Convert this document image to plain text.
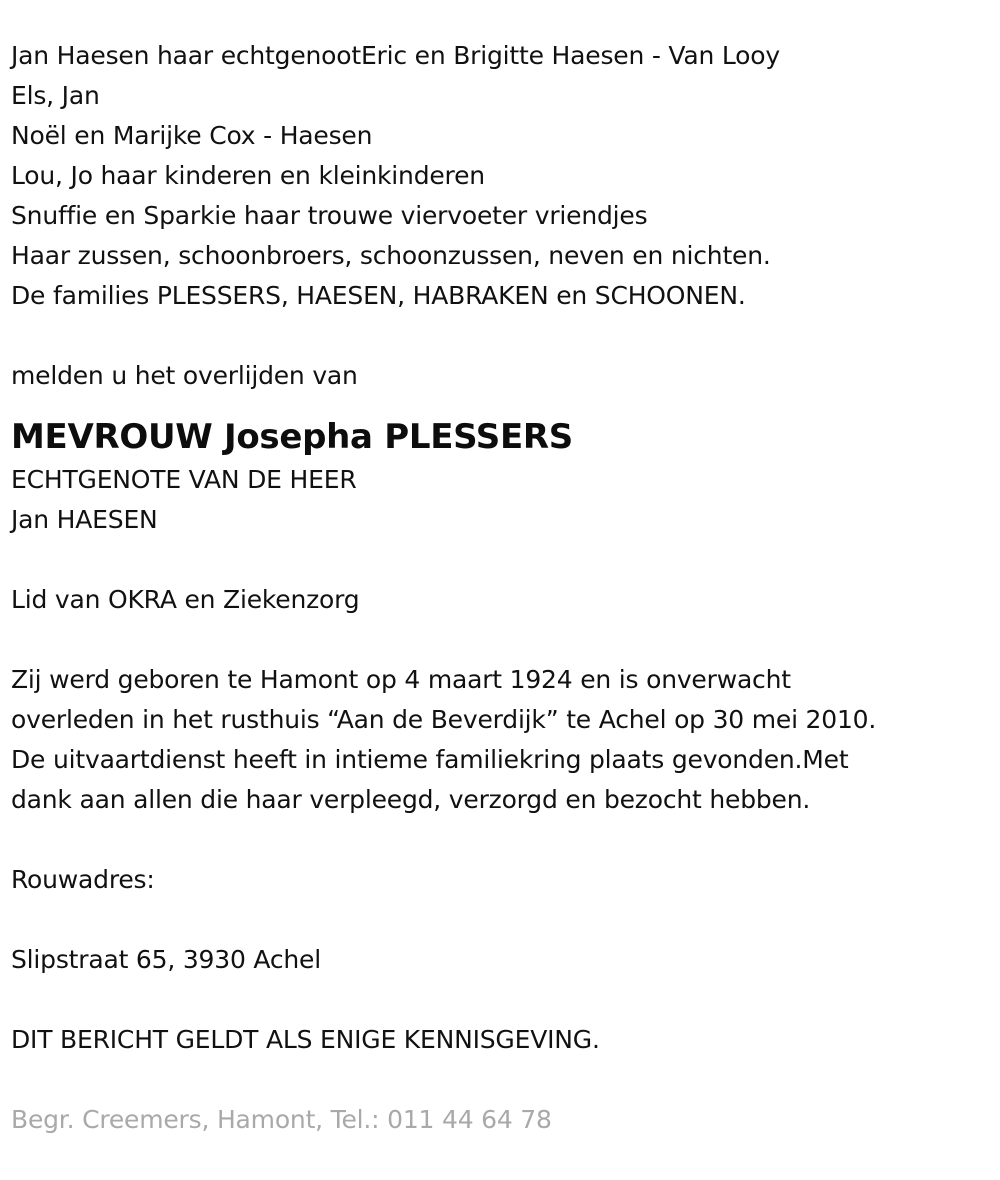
Jan Haesen haar echtgenootEric en Brigitte Haesen - Van Looy
Els, Jan
Noël en Marijke Cox - Haesen
Lou, Jo haar kinderen en kleinkinderen
Snuffie en Sparkie haar trouwe viervoeter vriendjes
Haar zussen, schoonbroers, schoonzussen, neven en nichten.
De families PLESSERS, HAESEN, HABRAKEN en SCHOONEN.
melden u het overlijden van
MEVROUW Josepha PLESSERS
ECHTGENOTE VAN DE HEER
Jan HAESEN
Lid van OKRA en Ziekenzorg
Zij werd geboren te Hamont op 4 maart 1924 en is onverwacht
overleden in het rusthuis “Aan de Beverdijk” te Achel op 30 mei 2010.
De uitvaartdienst heeft in intieme familiekring plaats gevonden.Met
dank aan allen die haar verpleegd, verzorgd en bezocht hebben.
Rouwadres:
Slipstraat 65, 3930 Achel
DIT BERICHT GELDT ALS ENIGE KENNISGEVING.
Begr. Creemers, Hamont, Tel.: 011 44 64 78
